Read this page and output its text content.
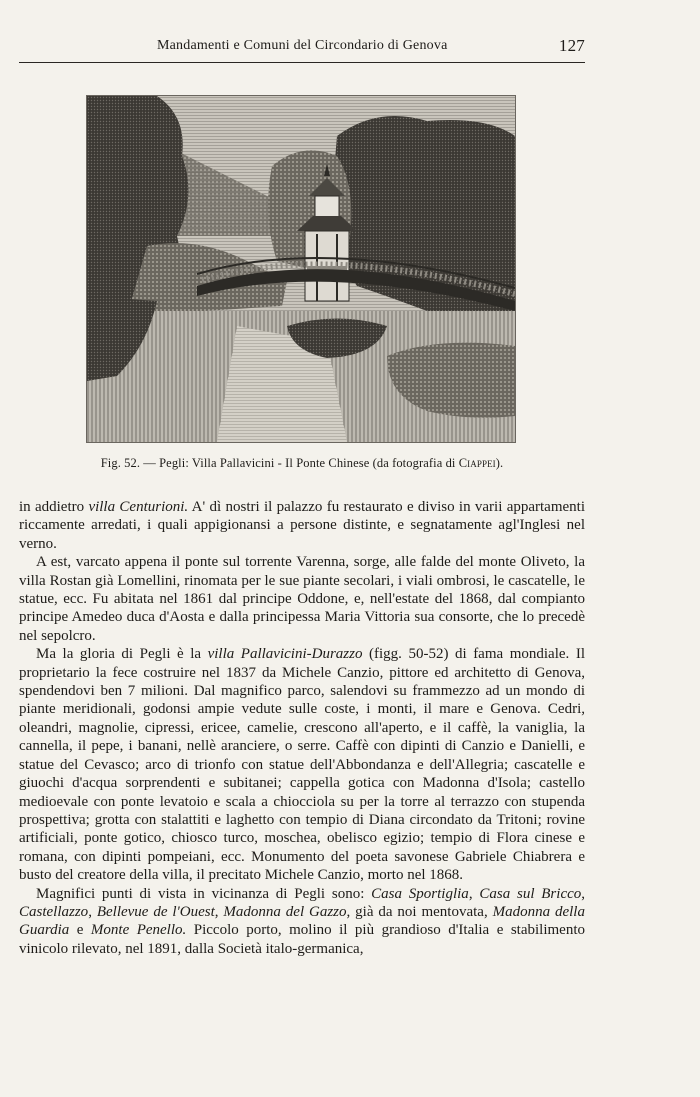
Mandamenti e Comuni del Circondario di Genova	127
Fig. 52. — Pegli: Villa Pallavicini - Il Ponte Chinese (da fotografia di Ciappei).

in addietro villa Centurioni. A' dì nostri il palazzo fu restaurato e diviso in varii appartamenti riccamente arredati, i quali appigionansi a persone distinte, e segnatamente agl'Inglesi nel verno.

A est, varcato appena il ponte sul torrente Varenna, sorge, alle falde del monte Oliveto, la villa Rostan già Lomellini, rinomata per le sue piante secolari, i viali ombrosi, le cascatelle, le statue, ecc. Fu abitata nel 1861 dal principe Oddone, e, nell'estate del 1868, dal compianto principe Amedeo duca d'Aosta e dalla principessa Maria Vittoria sua consorte, che lo precedè nel sepolcro.

Ma la gloria di Pegli è la villa Pallavicini-Durazzo (figg. 50-52) di fama mondiale. Il proprietario la fece costruire nel 1837 da Michele Canzio, pittore ed architetto di Genova, spendendovi ben 7 milioni. Dal magnifico parco, salendovi su frammezzo ad un mondo di piante meridionali, godonsi ampie vedute sulle coste, i monti, il mare e Genova. Cedri, oleandri, magnolie, cipressi, ericee, camelie, crescono all'aperto, e il caffè, la vaniglia, la cannella, il pepe, i banani, nellè aranciere, o serre. Caffè con dipinti di Canzio e Danielli, e statue del Cevasco; arco di trionfo con statue dell'Abbondanza e dell'Allegria; cascatelle e giuochi d'acqua sorprendenti e subitanei; cappella gotica con Madonna d'Isola; castello medioevale con ponte levatoio e scala a chiocciola su per la torre al terrazzo con stupenda prospettiva; grotta con stalattiti e laghetto con tempio di Diana circondato da Tritoni; rovine artificiali, ponte gotico, chiosco turco, moschea, obelisco egizio; tempio di Flora cinese e romana, con dipinti pompeiani, ecc. Monumento del poeta savonese Gabriele Chiabrera e busto del creatore della villa, il precitato Michele Canzio, morto nel 1868.

Magnifici punti di vista in vicinanza di Pegli sono: Casa Sportiglia, Casa sul Bricco, Castellazzo, Bellevue de l'Ouest, Madonna del Gazzo, già da noi mentovata, Madonna della Guardia e Monte Penello. Piccolo porto, molino il più grandioso d'Italia e stabilimento vinicolo rilevato, nel 1891, dalla Società italo-germanica,
